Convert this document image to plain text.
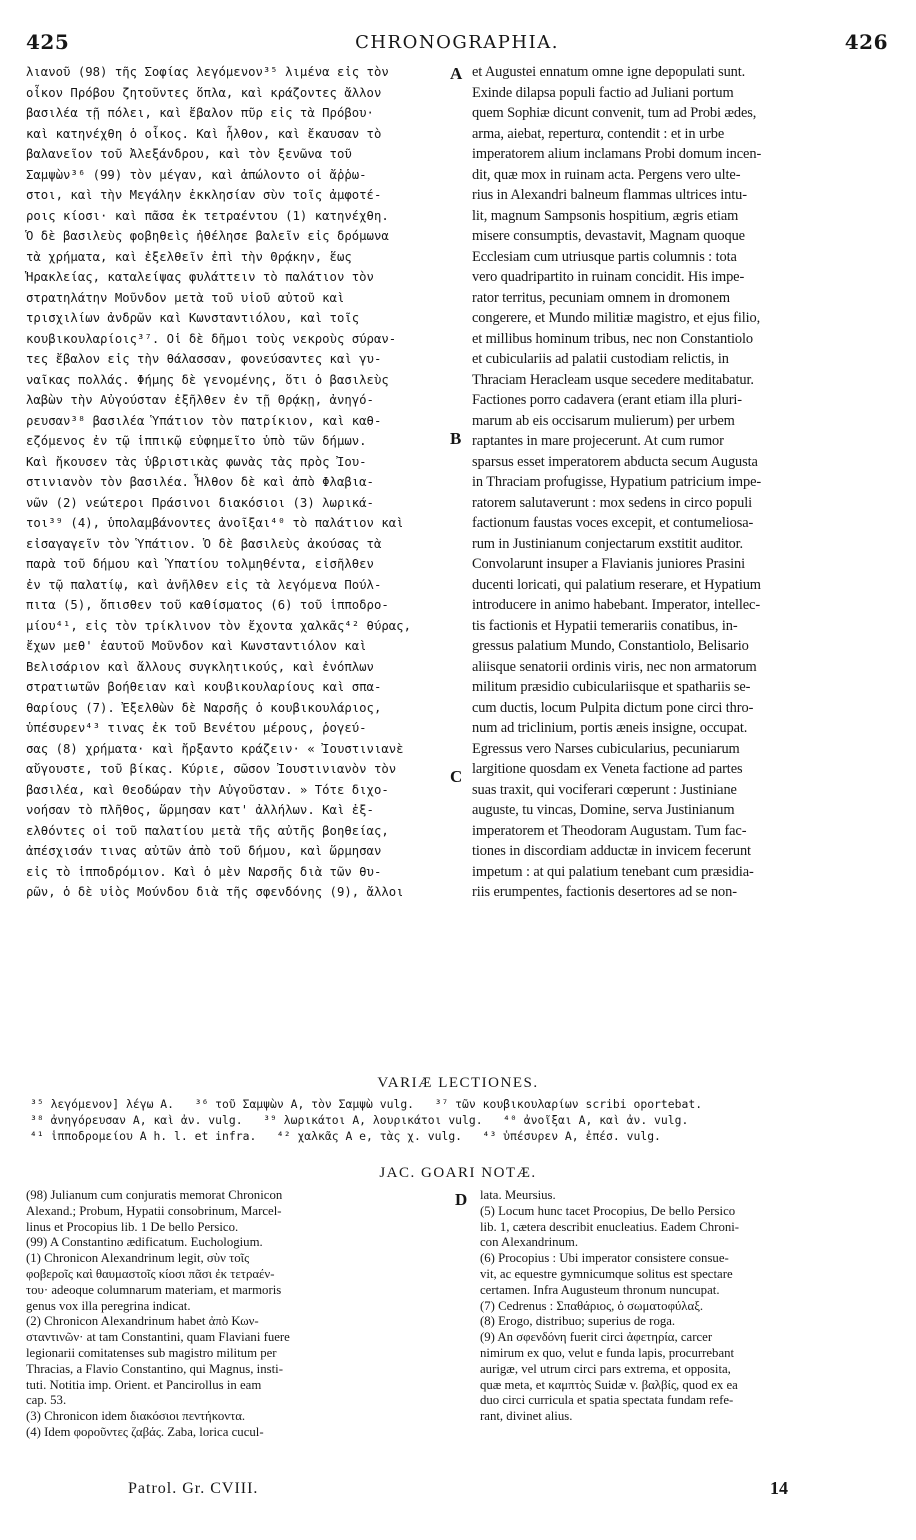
425	CHRONOGRAPHIA.	426
λιανοῦ (98) τῆς Σοφίας λεγόμενον³⁵ λιμένα εἰς τὸν
οἶκον Πρόβου ζητοῦντες ὅπλα, καὶ κράζοντες ἄλλον
βασιλέα τῇ πόλει, καὶ ἔβαλον πῦρ εἰς τὰ Πρόβου·
καὶ κατηνέχθη ὁ οἶκος. Καὶ ἦλθον, καὶ ἔκαυσαν τὸ
βαλανεῖον τοῦ Ἀλεξάνδρου, καὶ τὸν ξενῶνα τοῦ
Σαμψὼν³⁶ (99) τὸν μέγαν, καὶ ἀπώλοντο οἱ ἄῤῥω-
στοι, καὶ τὴν Μεγάλην ἐκκλησίαν σὺν τοῖς ἀμφοτέ-
ροις κίοσι· καὶ πᾶσα ἐκ τετραέντου (1) κατηνέχθη.
Ὁ δὲ βασιλεὺς φοβηθεὶς ἠθέλησε βαλεῖν εἰς δρόμωνα
τὰ χρήματα, καὶ ἐξελθεῖν ἐπὶ τὴν Θρᾴκην, ἕως
Ἡρακλείας, καταλείψας φυλάττειν τὸ παλάτιον τὸν
στρατηλάτην Μοῦνδον μετὰ τοῦ υἱοῦ αὐτοῦ καὶ
τρισχιλίων ἀνδρῶν καὶ Κωνσταντιόλου, καὶ τοῖς
κουβικουλαρίοις³⁷. Οἱ δὲ δῆμοι τοὺς νεκροὺς σύραν-
τες ἔβαλον εἰς τὴν θάλασσαν, φονεύσαντες καὶ γυ-
ναῖκας πολλάς. Φήμης δὲ γενομένης, ὅτι ὁ βασιλεὺς
λαβὼν τὴν Αὐγούσταν ἐξῆλθεν ἐν τῇ Θρᾴκῃ, ἀνηγό-
ρευσαν³⁸ βασιλέα Ὑπάτιον τὸν πατρίκιον, καὶ καθ-
εζόμενος ἐν τῷ ἱππικῷ εὐφημεῖτο ὑπὸ τῶν δήμων.
Καὶ ἤκουσεν τὰς ὑβριστικὰς φωνὰς τὰς πρὸς Ἰου-
στινιανὸν τὸν βασιλέα. Ἦλθον δὲ καὶ ἀπὸ Φλαβια-
νῶν (2) νεώτεροι Πράσινοι διακόσιοι (3) λωρικά-
τοι³⁹ (4), ὑπολαμβάνοντες ἀνοῖξαι⁴⁰ τὸ παλάτιον καὶ
εἰσαγαγεῖν τὸν Ὑπάτιον. Ὁ δὲ βασιλεὺς ἀκούσας τὰ
παρὰ τοῦ δήμου καὶ Ὑπατίου τολμηθέντα, εἰσῆλθεν
ἐν τῷ παλατίῳ, καὶ ἀνῆλθεν εἰς τὰ λεγόμενα Πούλ-
πιτα (5), ὄπισθεν τοῦ καθίσματος (6) τοῦ ἱπποδρο-
μίου⁴¹, εἰς τὸν τρίκλινον τὸν ἔχοντα χαλκᾶς⁴² θύρας,
ἔχων μεθ' ἑαυτοῦ Μοῦνδον καὶ Κωνσταντιόλον καὶ
Βελισάριον καὶ ἄλλους συγκλητικούς, καὶ ἐνόπλων
στρατιωτῶν βοήθειαν καὶ κουβικουλαρίους καὶ σπα-
θαρίους (7). Ἐξελθὼν δὲ Ναρσῆς ὁ κουβικουλάριος,
ὑπέσυρεν⁴³ τινας ἐκ τοῦ Βενέτου μέρους, ῥογεύ-
σας (8) χρήματα· καὶ ἤρξαντο κράζειν· « Ἰουστινιανὲ
αὔγουστε, τοῦ βίκας. Κύριε, σῶσον Ἰουστινιανὸν τὸν
βασιλέα, καὶ Θεοδώραν τὴν Αὐγοῦσταν. » Τότε διχο-
νοήσαν τὸ πλῆθος, ὥρμησαν κατ' ἀλλήλων. Καὶ ἐξ-
ελθόντες οἱ τοῦ παλατίου μετὰ τῆς αὐτῆς βοηθείας,
ἀπέσχισάν τινας αὐτῶν ἀπὸ τοῦ δήμου, καὶ ὥρμησαν
εἰς τὸ ἱπποδρόμιον. Καὶ ὁ μὲν Ναρσῆς διὰ τῶν θυ-
ρῶν, ὁ δὲ υἱὸς Μούνδου διὰ τῆς σφενδόνης (9), ἄλλοι
et Augustei ennatum omne igne depopulati sunt.
Exinde dilapsa populi factio ad Juliani portum
quem Sophiæ dicunt convenit, tum ad Probi ædes,
arma, aiebat, reperturα, contendit : et in urbe
imperatorem alium inclamans Probi domum incen-
dit, quæ mox in ruinam acta. Pergens vero ulte-
rius in Alexandri balneum flammas ultrices intu-
lit, magnum Sampsonis hospitium, ægris etiam
misere consumptis, devastavit, Magnam quoque
Ecclesiam cum utriusque partis columnis : tota
vero quadripartito in ruinam concidit. His impe-
rator territus, pecuniam omnem in dromonem
congerere, et Mundo militiæ magistro, et ejus filio,
et millibus hominum tribus, nec non Constantiolo
et cubiculariis ad palatii custodiam relictis, in
Thraciam Heracleam usque secedere meditabatur.
Factiones porro cadavera (erant etiam illa pluri-
marum ab eis occisarum mulierum) per urbem
raptantes in mare projecerunt. At cum rumor
sparsus esset imperatorem abducta secum Augusta
in Thraciam profugisse, Hypatium patricium impe-
ratorem salutaverunt : mox sedens in circo populi
factionum faustas voces excepit, et contumeliosa-
rum in Justinianum conjectarum exstitit auditor.
Convolarunt insuper a Flavianis juniores Prasini
ducenti loricati, qui palatium reserare, et Hypatium
introducere in animo habebant. Imperator, intellec-
tis factionis et Hypatii temerariis conatibus, in-
gressus palatium Mundo, Constantiolo, Belisario
aliisque senatorii ordinis viris, nec non armatorum
militum præsidio cubiculariisque et spathariis se-
cum ductis, locum Pulpita dictum pone circi thro-
num ad triclinium, portis æneis insigne, occupat.
Egressus vero Narses cubicularius, pecuniarum
largitione quosdam ex Veneta factione ad partes
suas traxit, qui vociferari cœperunt : Justiniane
auguste, tu vincas, Domine, serva Justinianum
imperatorem et Theodoram Augustam. Tum fac-
tiones in discordiam adductæ in invicem fecerunt
impetum : at qui palatium tenebant cum præsidia-
riis erumpentes, factionis desertores ad se non-
A
B
C
VARIÆ LECTIONES.
³⁵ λεγόμενον] λέγω A.   ³⁶ τοῦ Σαμψὼν A, τὸν Σαμψὼ vulg.   ³⁷ τῶν κουβικουλαρίων scribi oportebat.
³⁸ ἀνηγόρευσαν A, καὶ ἀν. vulg.   ³⁹ λωρικάτοι A, λουρικάτοι vulg.   ⁴⁰ ἀνοῖξαι A, καὶ ἀν. vulg.
⁴¹ ἱπποδρομείου A h. l. et infra.   ⁴² χαλκᾶς A e, τὰς χ. vulg.   ⁴³ ὑπέσυρεν A, ἐπέσ. vulg.
JAC. GOARI NOTÆ.
(98) Julianum cum conjuratis memorat Chronicon
Alexand.; Probum, Hypatii consobrinum, Marcel-
linus et Procopius lib. 1 De bello Persico.
(99) A Constantino ædificatum. Euchologium.
(1) Chronicon Alexandrinum legit, σὺν τοῖς
φοβεροῖς καὶ θαυμαστοῖς κίοσι πᾶσι ἐκ τετραέν-
του· adeoque columnarum materiam, et marmoris
genus vox illa peregrina indicat.
(2) Chronicon Alexandrinum habet ἀπὸ Κων-
σταντινῶν· at tam Constantini, quam Flaviani fuere
legionarii comitatenses sub magistro militum per
Thracias, a Flavio Constantino, qui Magnus, insti-
tuti. Notitia imp. Orient. et Pancirollus in eam
cap. 53.
(3) Chronicon idem διακόσιοι πεντήκοντα.
(4) Idem φοροῦντες ζαβάς. Zaba, lorica cucul-
D lata. Meursius.
(5) Locum hunc tacet Procopius, De bello Persico
lib. 1, cætera describit enucleatius. Eadem Chroni-
con Alexandrinum.
(6) Procopius : Ubi imperator consistere consue-
vit, ac equestre gymnicumque solitus est spectare
certamen. Infra Augusteum thronum nuncupat.
(7) Cedrenus : Σπαθάριος, ὁ σωματοφύλαξ.
(8) Erogo, distribuo; superius de roga.
(9) An σφενδόνη fuerit circi ἀφετηρία, carcer
nimirum ex quo, velut e funda lapis, procurrebant
aurigæ, vel utrum circi pars extrema, et opposita,
quæ meta, et καμπτὸς Suidæ v. βαλβίς, quod ex ea
duo circi curricula et spatia spectata fundam refe-
rant, divinet alius.
Patrol. Gr. CVIII.	14
